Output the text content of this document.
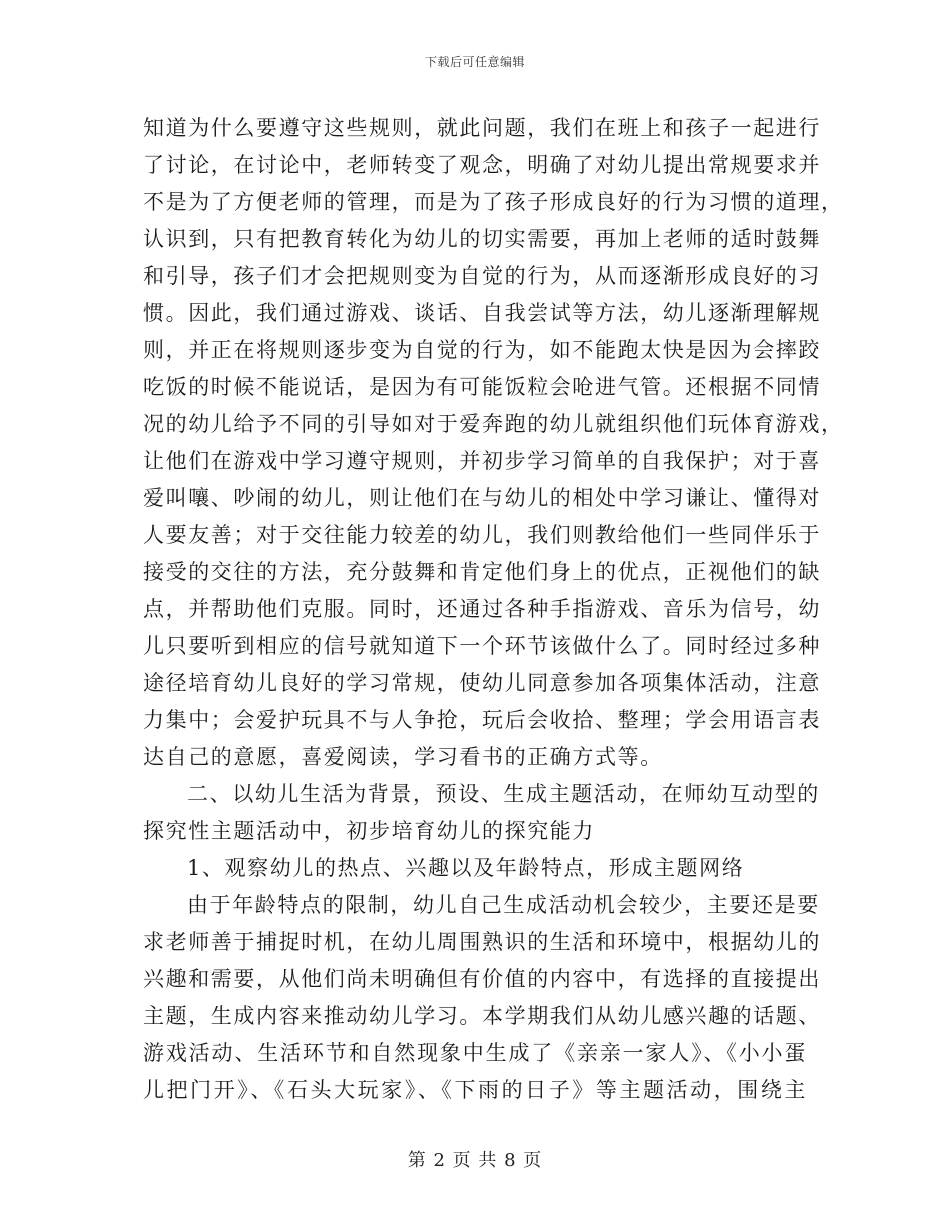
下载后可任意编辑
知道为什么要遵守这些规则，就此问题，我们在班上和孩子一起进行
了讨论，在讨论中，老师转变了观念，明确了对幼儿提出常规要求并
不是为了方便老师的管理，而是为了孩子形成良好的行为习惯的道理，
认识到，只有把教育转化为幼儿的切实需要，再加上老师的适时鼓舞
和引导，孩子们才会把规则变为自觉的行为，从而逐渐形成良好的习
惯。因此，我们通过游戏、谈话、自我尝试等方法，幼儿逐渐理解规
则，并正在将规则逐步变为自觉的行为，如不能跑太快是因为会摔跤
吃饭的时候不能说话，是因为有可能饭粒会呛进气管。还根据不同情
况的幼儿给予不同的引导如对于爱奔跑的幼儿就组织他们玩体育游戏，
让他们在游戏中学习遵守规则，并初步学习简单的自我保护；对于喜
爱叫嚷、吵闹的幼儿，则让他们在与幼儿的相处中学习谦让、懂得对
人要友善；对于交往能力较差的幼儿，我们则教给他们一些同伴乐于
接受的交往的方法，充分鼓舞和肯定他们身上的优点，正视他们的缺
点，并帮助他们克服。同时，还通过各种手指游戏、音乐为信号，幼
儿只要听到相应的信号就知道下一个环节该做什么了。同时经过多种
途径培育幼儿良好的学习常规，使幼儿同意参加各项集体活动，注意
力集中；会爱护玩具不与人争抢，玩后会收拾、整理；学会用语言表
达自己的意愿，喜爱阅读，学习看书的正确方式等。
二、以幼儿生活为背景，预设、生成主题活动，在师幼互动型的
探究性主题活动中，初步培育幼儿的探究能力
1、观察幼儿的热点、兴趣以及年龄特点，形成主题网络
由于年龄特点的限制，幼儿自己生成活动机会较少，主要还是要
求老师善于捕捉时机，在幼儿周围熟识的生活和环境中，根据幼儿的
兴趣和需要，从他们尚未明确但有价值的内容中，有选择的直接提出
主题，生成内容来推动幼儿学习。本学期我们从幼儿感兴趣的话题、
游戏活动、生活环节和自然现象中生成了《亲亲一家人》、《小小蛋
儿把门开》、《石头大玩家》、《下雨的日子》等主题活动，围绕主
第 2 页 共 8 页
